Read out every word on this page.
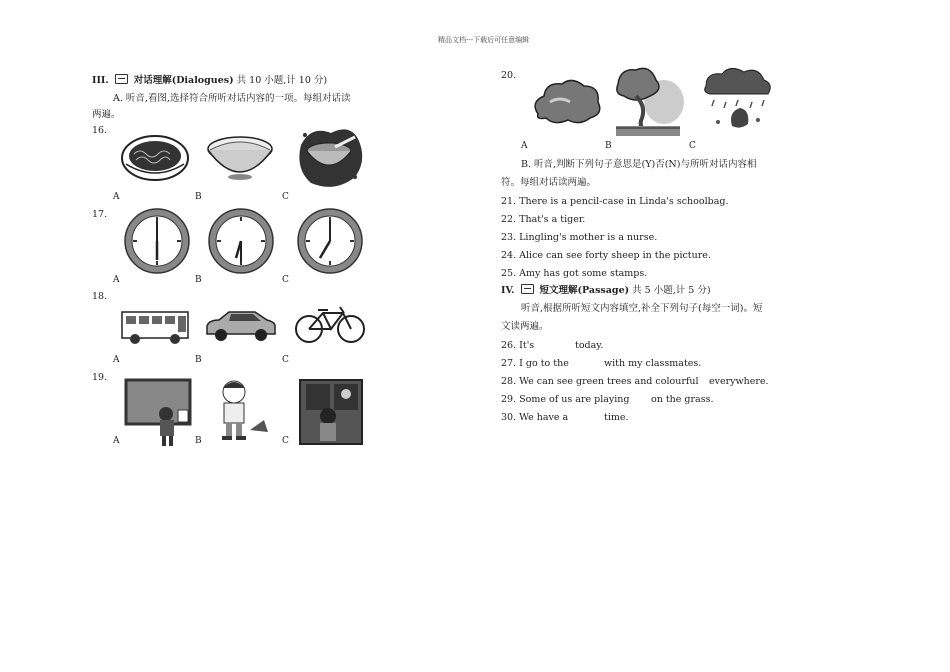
精品文档---下载后可任意编辑
III.	对话理解(Dialogues) 共 10 小题,计 10 分)
A. 听音,看图,选择符合所听对话内容的一项。每组对话读
两遍。
16.
A	B	C
17.
A	B	C
18.
A	B	C
19.
A	B	C
20.
A	B	C
B. 听音,判断下列句子意思是(Y)否(N)与所听对话内容相
符。每组对话读两遍。
21. There is a pencil-case in Linda's schoolbag.
22. That's a tiger.
23. Lingling's mother is a nurse.
24. Alice can see forty sheep in the picture.
25. Amy has got some stamps.
IV.	短文理解(Passage) 共 5 小题,计 5 分)
听音,根据所听短文内容填空,补全下列句子(每空一词)。短
文读两遍。
26. It's	today.
27. I go to the	with my classmates.
28. We can see green trees and colourful everywhere.
29. Some of us are playing on the grass.
30. We have a	time.
